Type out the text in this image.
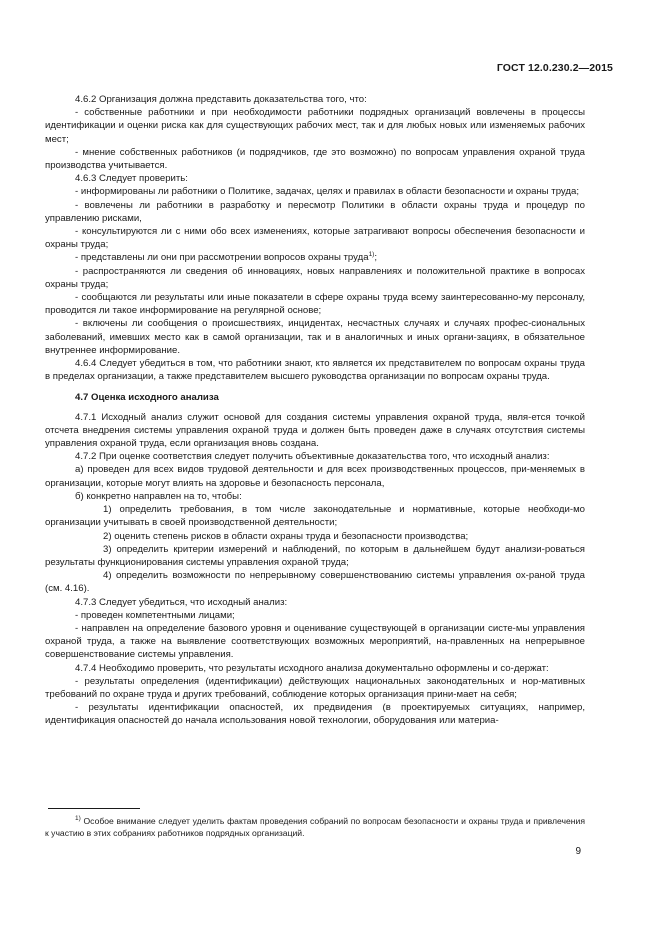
ГОСТ 12.0.230.2—2015

4.6.2 Организация должна представить доказательства того, что:

- собственные работники и при необходимости работники подрядных организаций вовлечены в процессы идентификации и оценки риска как для существующих рабочих мест, так и для любых новых или изменяемых рабочих мест;

- мнение собственных работников (и подрядчиков, где это возможно) по вопросам управления охраной труда производства учитывается.

4.6.3 Следует проверить:

- информированы ли работники о Политике, задачах, целях и правилах в области безопасности и охраны труда;

- вовлечены ли работники в разработку и пересмотр Политики в области охраны труда и процедур по управлению рисками,

- консультируются ли с ними обо всех изменениях, которые затрагивают вопросы обеспечения безопасности и охраны труда;

- представлены ли они при рассмотрении вопросов охраны труда$^{1)}$;

- распространяются ли сведения об инновациях, новых направлениях и положительной практике в вопросах охраны труда;

- сообщаются ли результаты или иные показатели в сфере охраны труда всему заинтересованно-му персоналу, проводится ли такое информирование на регулярной основе;

- включены ли сообщения о происшествиях, инцидентах, несчастных случаях и случаях профес-сиональных заболеваний, имевших место как в самой организации, так и в аналогичных и иных органи-зациях, в обязательное внутреннее информирование.

4.6.4 Следует убедиться в том, что работники знают, кто является их представителем по вопросам охраны труда в пределах организации, а также представителем высшего руководства организации по вопросам охраны труда.

4.7 Оценка исходного анализа

4.7.1 Исходный анализ служит основой для создания системы управления охраной труда, явля-ется точкой отсчета внедрения системы управления охраной труда и должен быть проведен даже в случаях отсутствия системы управления охраной труда, если организация вновь создана.

4.7.2 При оценке соответствия следует получить объективные доказательства того, что исходный анализ:

а) проведен для всех видов трудовой деятельности и для всех производственных процессов, при-меняемых в организации, которые могут влиять на здоровье и безопасность персонала,

б) конкретно направлен на то, чтобы:

1) определить требования, в том числе законодательные и нормативные, которые необходи-мо организации учитывать в своей производственной деятельности;

2) оценить степень рисков в области охраны труда и безопасности производства;

3) определить критерии измерений и наблюдений, по которым в дальнейшем будут анализи-роваться результаты функционирования системы управления охраной труда;

4) определить возможности по непрерывному совершенствованию системы управления ох-раной труда (см. 4.16).

4.7.3 Следует убедиться, что исходный анализ:

- проведен компетентными лицами;

- направлен на определение базового уровня и оценивание существующей в организации систе-мы управления охраной труда, а также на выявление соответствующих возможных мероприятий, на-правленных на непрерывное совершенствование системы управления.

4.7.4 Необходимо проверить, что результаты исходного анализа документально оформлены и со-держат:

- результаты определения (идентификации) действующих национальных законодательных и нор-мативных требований по охране труда и других требований, соблюдение которых организация прини-мает на себя;

- результаты идентификации опасностей, их предвидения (в проектируемых ситуациях, например, идентификация опасностей до начала использования новой технологии, оборудования или материа-

$^{1)}$ Особое внимание следует уделить фактам проведения собраний по вопросам безопасности и охраны труда и привлечения к участию в этих собраниях работников подрядных организаций.

9
